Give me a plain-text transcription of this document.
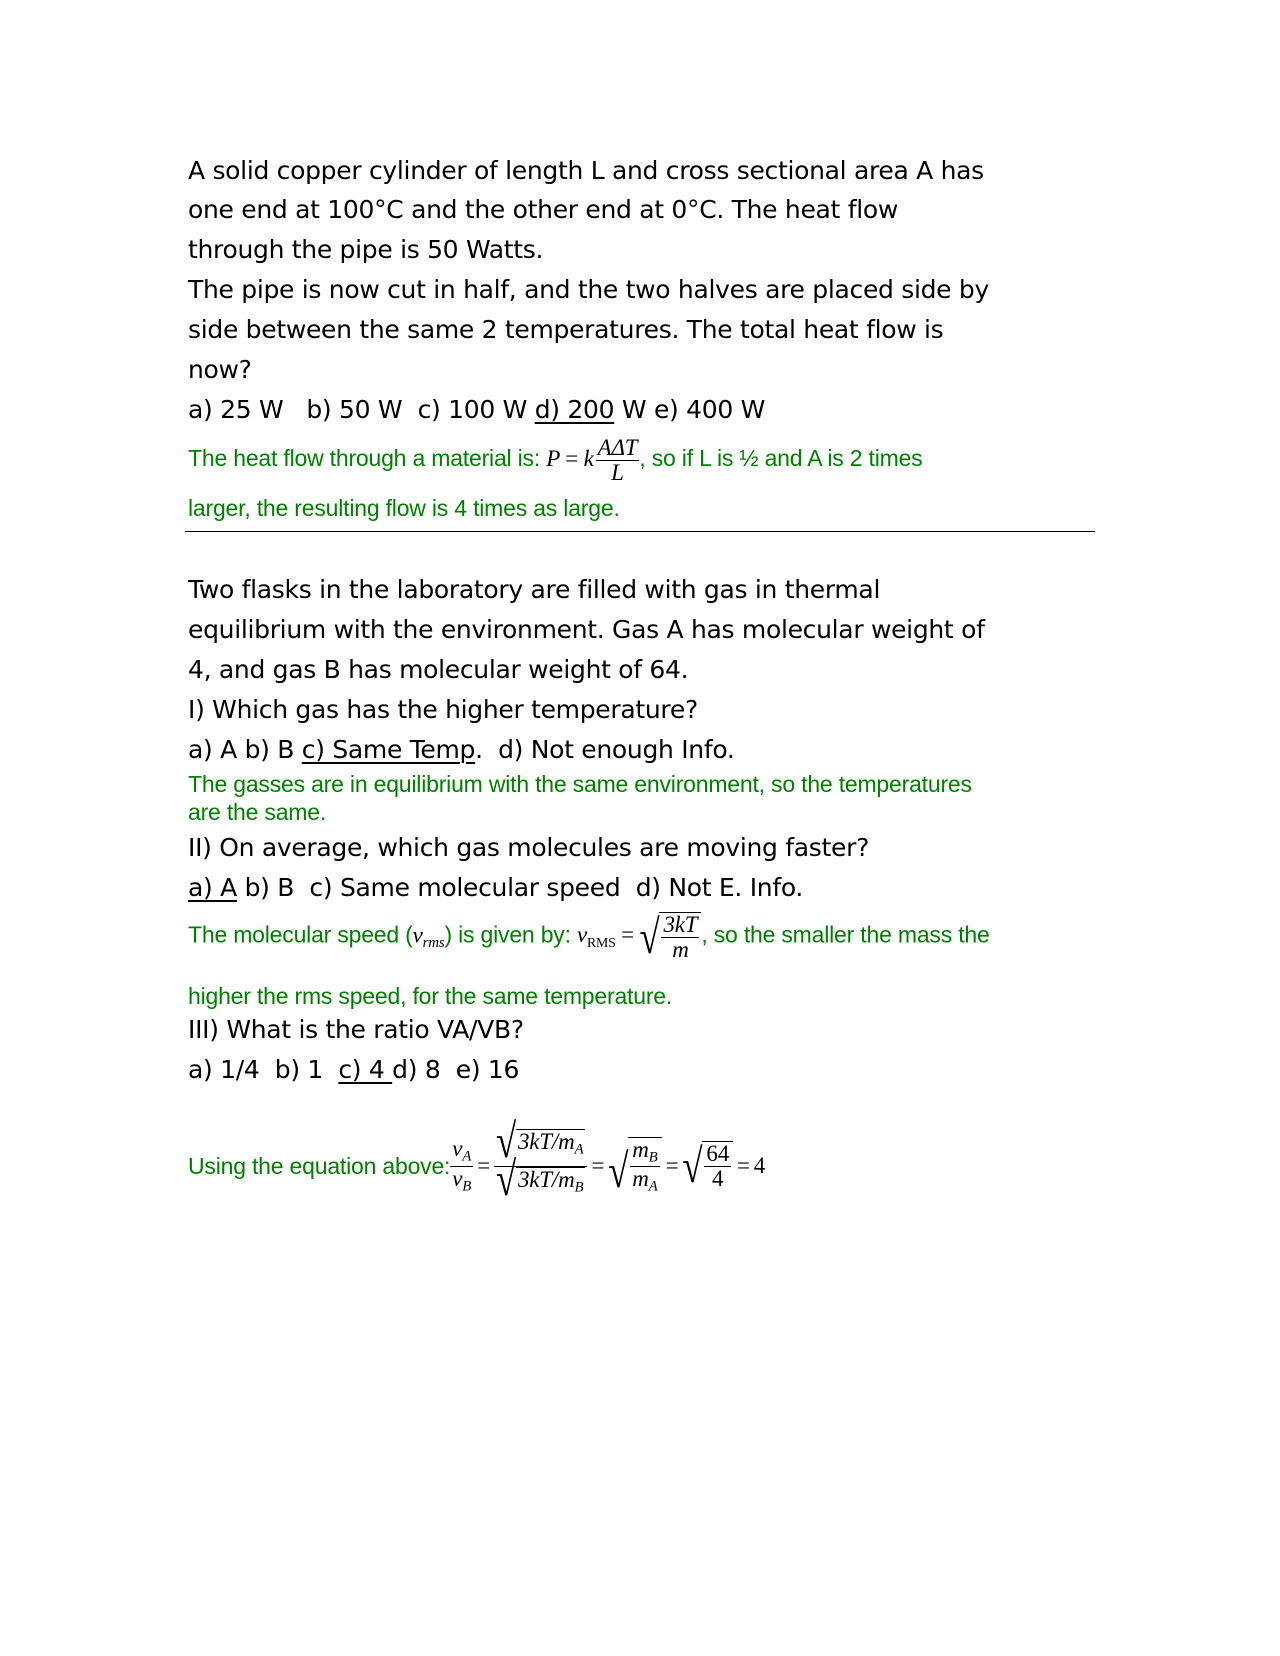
A solid copper cylinder of length L and cross sectional area A has

one end at 100°C and the other end at 0°C. The heat flow

through the pipe is 50 Watts.

The pipe is now cut in half, and the two halves are placed side by

side between the same 2 temperatures. The total heat flow is

now?

a) 25 W b) 50 W c) 100 W d) 200 W e) 400 W

The heat flow through a material is: P = k $\frac{\text{AΔT}}{L}$ , so if L is ½ and A is 2 times

larger, the resulting flow is 4 times as large.

Two flasks in the laboratory are filled with gas in thermal

equilibrium with the environment. Gas A has molecular weight of

4, and gas B has molecular weight of 64.

I) Which gas has the higher temperature?

a) A b) B c) Same Temp. d) Not enough Info.

The gasses are in equilibrium with the same environment, so the temperatures

are the same.

II) On average, which gas molecules are moving faster?

a) A b) B c) Same molecular speed d) Not E. Info.

The molecular speed $(v_{rms})$ is given by: $v_{RMS}$ = √ $\frac{3kT}{m}$ , so the smaller the mass the

higher the rms speed, for the same temperature.

III) What is the ratio VA/VB?

a) 1/4 b) 1 c) 4 d) 8 e) 16

Using the equation above: $\frac{v_A}{v_B} = \frac{√ 3kT/m_A}{√ 3kT/m_B}$ = √ $\frac{m_B}{m_A}$ = √ $\frac{64}{4} = 4$
